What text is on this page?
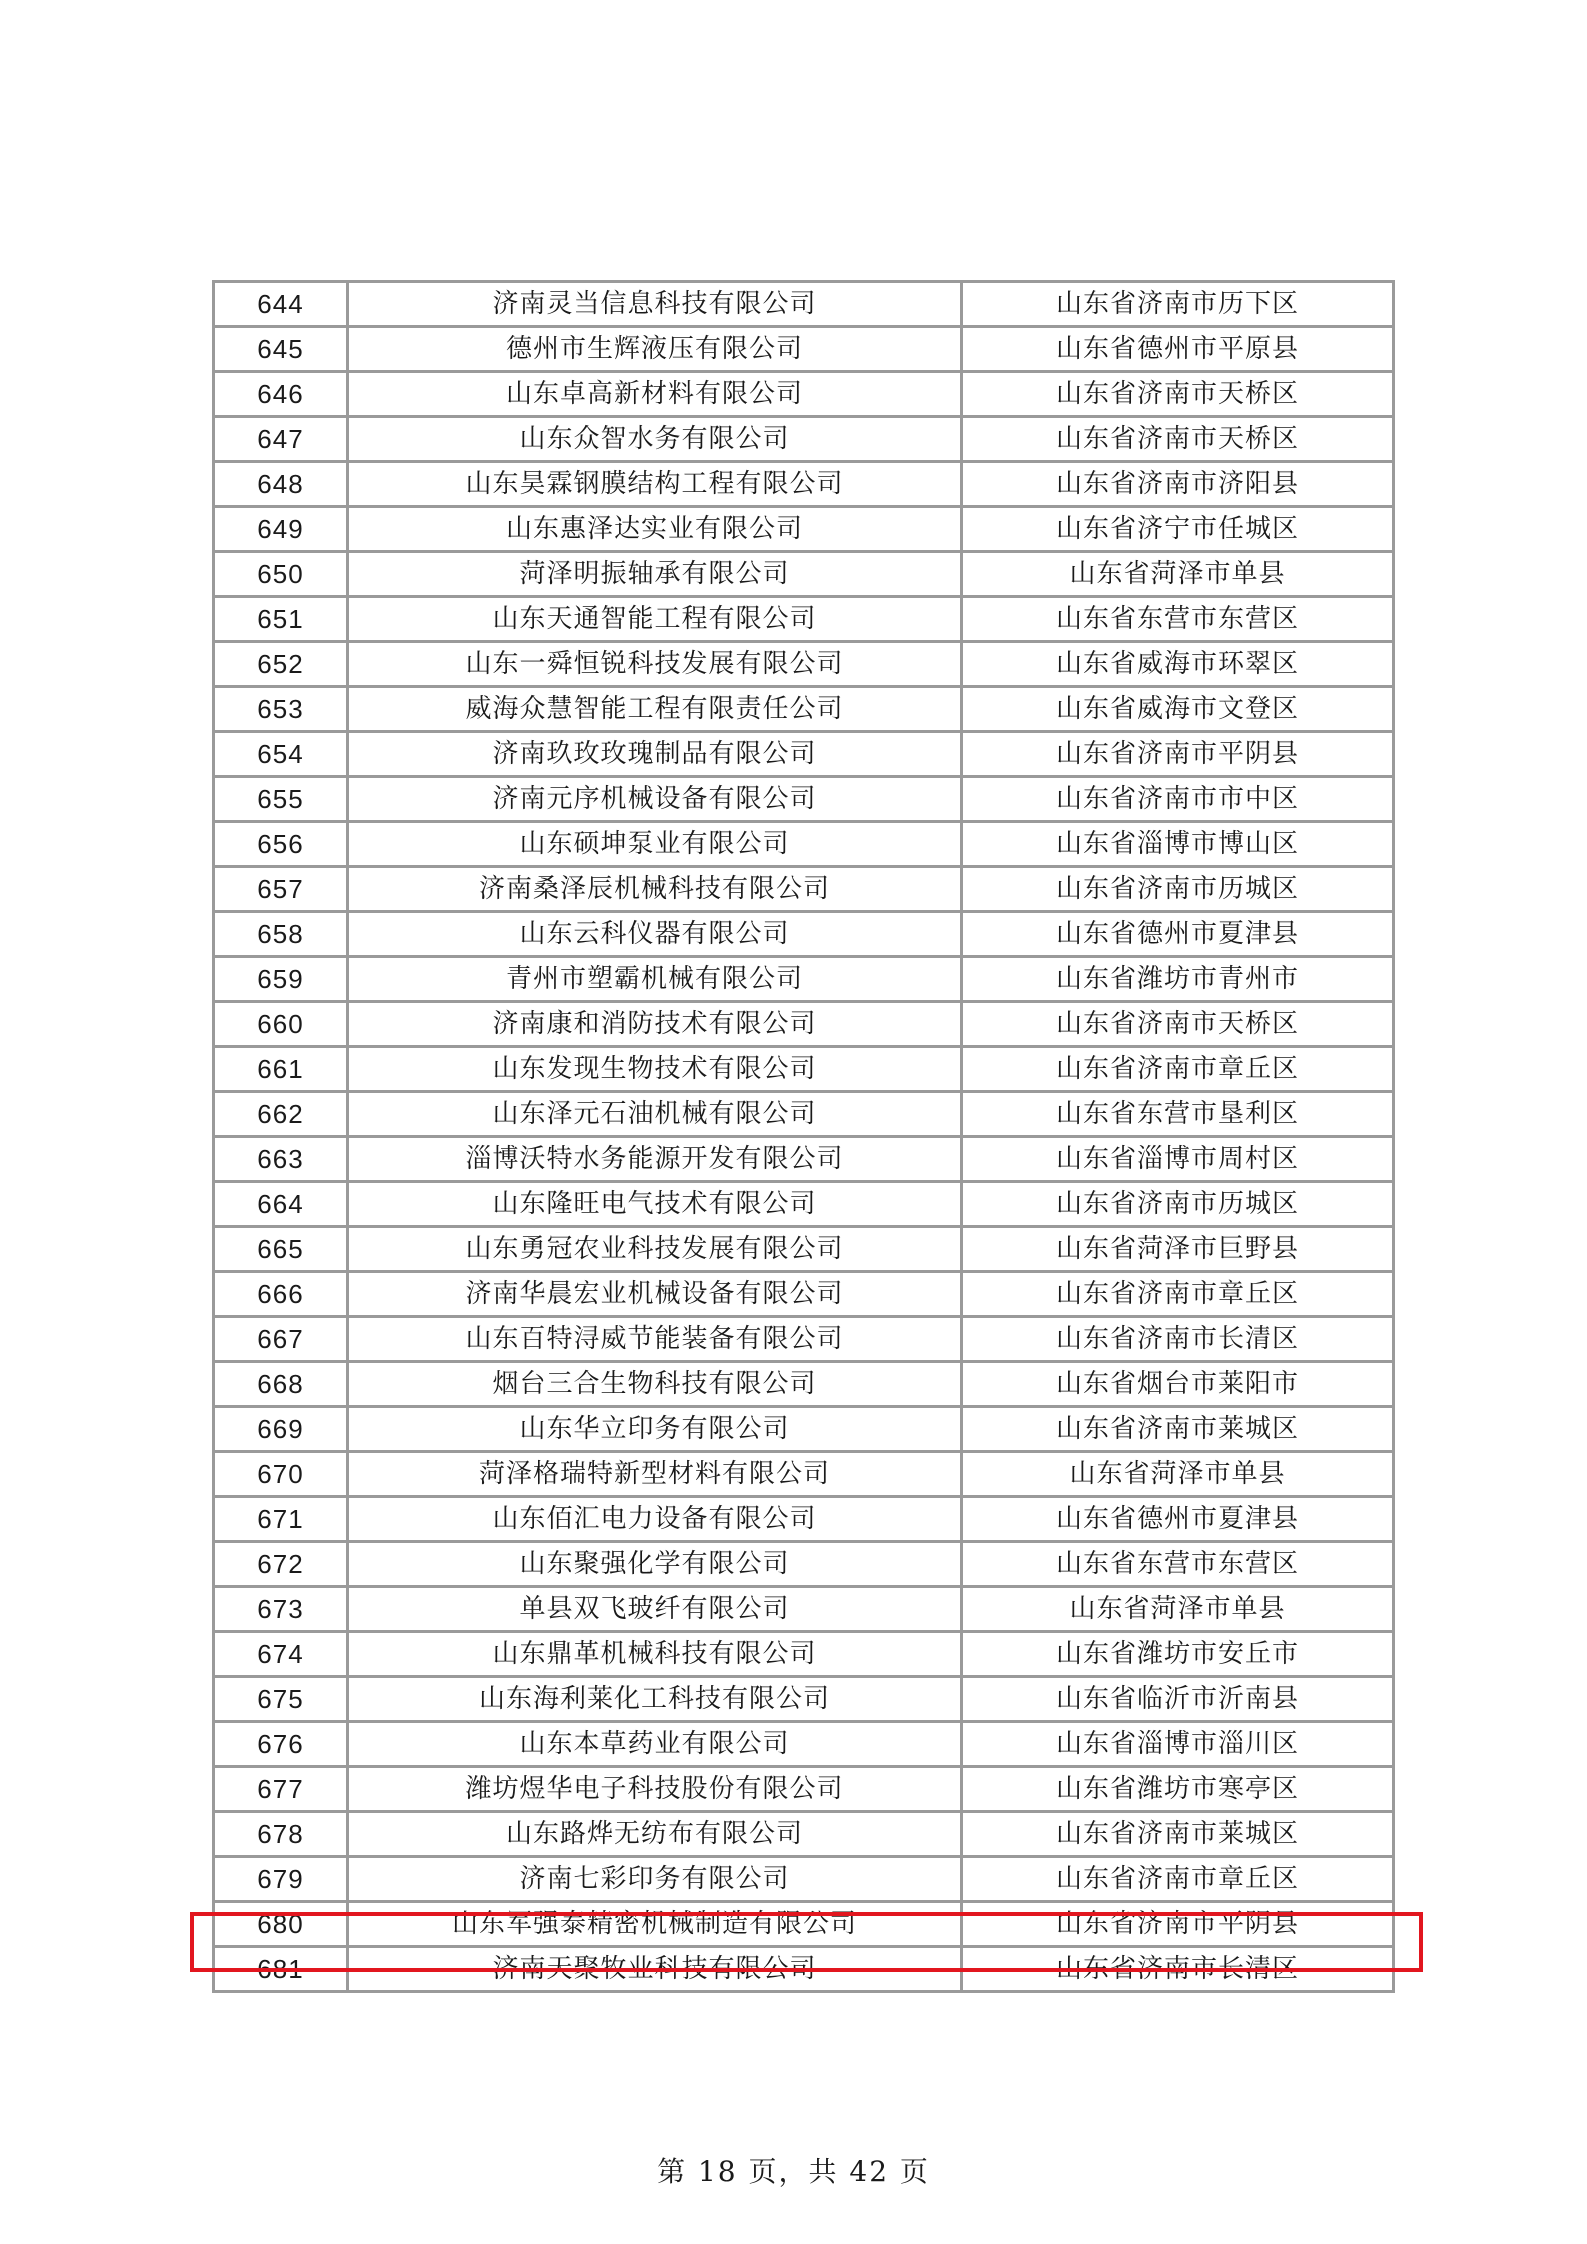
644	济南灵当信息科技有限公司	山东省济南市历下区
645	德州市生辉液压有限公司	山东省德州市平原县
646	山东卓高新材料有限公司	山东省济南市天桥区
647	山东众智水务有限公司	山东省济南市天桥区
648	山东昊霖钢膜结构工程有限公司	山东省济南市济阳县
649	山东惠泽达实业有限公司	山东省济宁市任城区
650	菏泽明振轴承有限公司	山东省菏泽市单县
651	山东天通智能工程有限公司	山东省东营市东营区
652	山东一舜恒锐科技发展有限公司	山东省威海市环翠区
653	威海众慧智能工程有限责任公司	山东省威海市文登区
654	济南玖玫玫瑰制品有限公司	山东省济南市平阴县
655	济南元序机械设备有限公司	山东省济南市市中区
656	山东硕坤泵业有限公司	山东省淄博市博山区
657	济南桑泽辰机械科技有限公司	山东省济南市历城区
658	山东云科仪器有限公司	山东省德州市夏津县
659	青州市塑霸机械有限公司	山东省潍坊市青州市
660	济南康和消防技术有限公司	山东省济南市天桥区
661	山东发现生物技术有限公司	山东省济南市章丘区
662	山东泽元石油机械有限公司	山东省东营市垦利区
663	淄博沃特水务能源开发有限公司	山东省淄博市周村区
664	山东隆旺电气技术有限公司	山东省济南市历城区
665	山东勇冠农业科技发展有限公司	山东省菏泽市巨野县
666	济南华晨宏业机械设备有限公司	山东省济南市章丘区
667	山东百特浔威节能装备有限公司	山东省济南市长清区
668	烟台三合生物科技有限公司	山东省烟台市莱阳市
669	山东华立印务有限公司	山东省济南市莱城区
670	菏泽格瑞特新型材料有限公司	山东省菏泽市单县
671	山东佰汇电力设备有限公司	山东省德州市夏津县
672	山东聚强化学有限公司	山东省东营市东营区
673	单县双飞玻纤有限公司	山东省菏泽市单县
674	山东鼎革机械科技有限公司	山东省潍坊市安丘市
675	山东海利莱化工科技有限公司	山东省临沂市沂南县
676	山东本草药业有限公司	山东省淄博市淄川区
677	潍坊煜华电子科技股份有限公司	山东省潍坊市寒亭区
678	山东路烨无纺布有限公司	山东省济南市莱城区
679	济南七彩印务有限公司	山东省济南市章丘区
680	山东军强泰精密机械制造有限公司	山东省济南市平阴县
681	济南天聚牧业科技有限公司	山东省济南市长清区
第 18 页，共 42 页
